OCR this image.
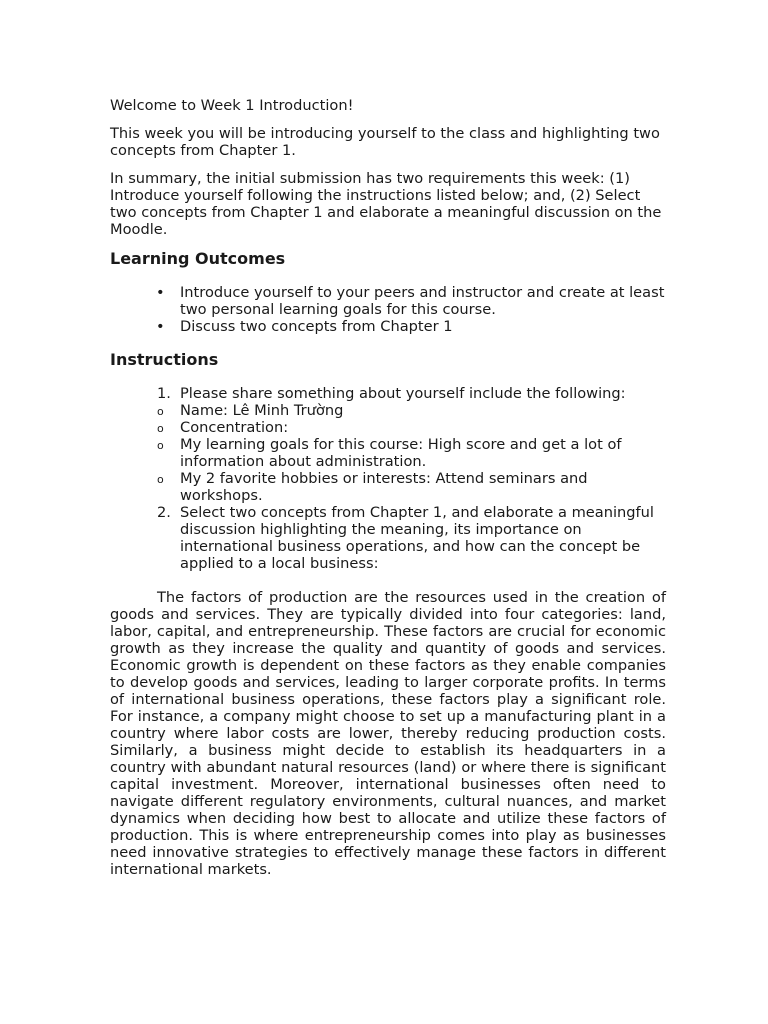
Welcome to Week 1 Introduction!

This week you will be introducing yourself to the class and highlighting two concepts from Chapter 1.

In summary, the initial submission has two requirements this week: (1) Introduce yourself following the instructions listed below; and, (2) Select two concepts from Chapter 1 and elaborate a meaningful discussion on the Moodle.

Learning Outcomes
• Introduce yourself to your peers and instructor and create at least two personal learning goals for this course.
• Discuss two concepts from Chapter 1
Instructions
1. Please share something about yourself include the following:
o Name: Lê Minh Trường
o Concentration:
o My learning goals for this course: High score and get a lot of information about administration.
o My 2 favorite hobbies or interests: Attend seminars and workshops.
2. Select two concepts from Chapter 1, and elaborate a meaningful discussion highlighting the meaning, its importance on international business operations, and how can the concept be applied to a local business:

The factors of production are the resources used in the creation of goods and services. They are typically divided into four categories: land, labor, capital, and entrepreneurship. These factors are crucial for economic growth as they increase the quality and quantity of goods and services. Economic growth is dependent on these factors as they enable companies to develop goods and services, leading to larger corporate profits. In terms of international business operations, these factors play a significant role. For instance, a company might choose to set up a manufacturing plant in a country where labor costs are lower, thereby reducing production costs. Similarly, a business might decide to establish its headquarters in a country with abundant natural resources (land) or where there is significant capital investment. Moreover, international businesses often need to navigate different regulatory environments, cultural nuances, and market dynamics when deciding how best to allocate and utilize these factors of production. This is where entrepreneurship comes into play as businesses need innovative strategies to effectively manage these factors in different international markets.
